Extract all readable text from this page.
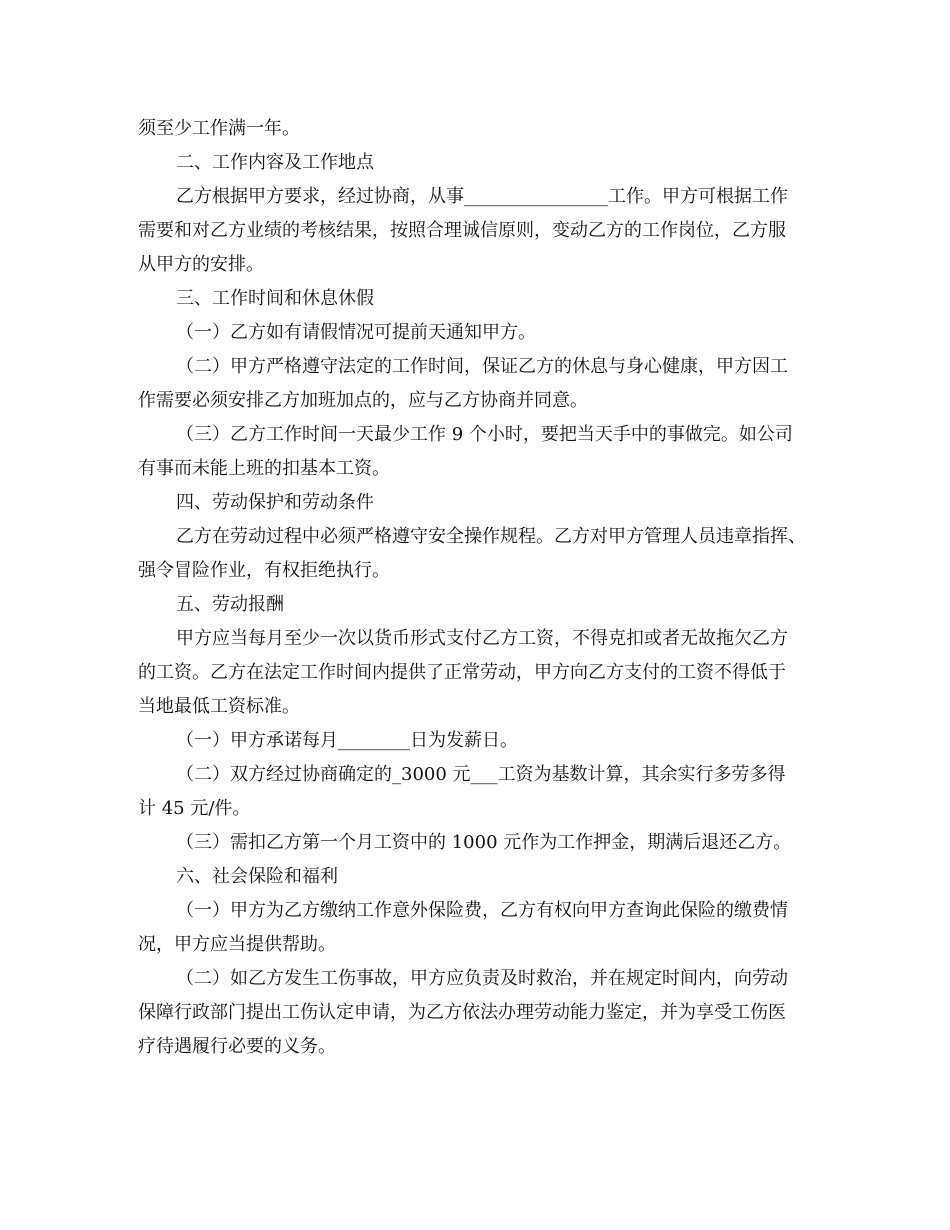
须至少工作满一年。
二、工作内容及工作地点
乙方根据甲方要求，经过协商，从事________________工作。甲方可根据工作
需要和对乙方业绩的考核结果，按照合理诚信原则，变动乙方的工作岗位，乙方服
从甲方的安排。
三、工作时间和休息休假
（一）乙方如有请假情况可提前天通知甲方。
（二）甲方严格遵守法定的工作时间，保证乙方的休息与身心健康，甲方因工
作需要必须安排乙方加班加点的，应与乙方协商并同意。
（三）乙方工作时间一天最少工作 9 个小时，要把当天手中的事做完。如公司
有事而未能上班的扣基本工资。
四、劳动保护和劳动条件
乙方在劳动过程中必须严格遵守安全操作规程。乙方对甲方管理人员违章指挥、
强令冒险作业，有权拒绝执行。
五、劳动报酬
甲方应当每月至少一次以货币形式支付乙方工资，不得克扣或者无故拖欠乙方
的工资。乙方在法定工作时间内提供了正常劳动，甲方向乙方支付的工资不得低于
当地最低工资标准。
（一）甲方承诺每月________日为发薪日。
（二）双方经过协商确定的_3000 元___工资为基数计算，其余实行多劳多得
计 45 元/件。
（三）需扣乙方第一个月工资中的 1000 元作为工作押金，期满后退还乙方。
六、社会保险和福利
（一）甲方为乙方缴纳工作意外保险费，乙方有权向甲方查询此保险的缴费情
况，甲方应当提供帮助。
（二）如乙方发生工伤事故，甲方应负责及时救治，并在规定时间内，向劳动
保障行政部门提出工伤认定申请，为乙方依法办理劳动能力鉴定，并为享受工伤医
疗待遇履行必要的义务。
